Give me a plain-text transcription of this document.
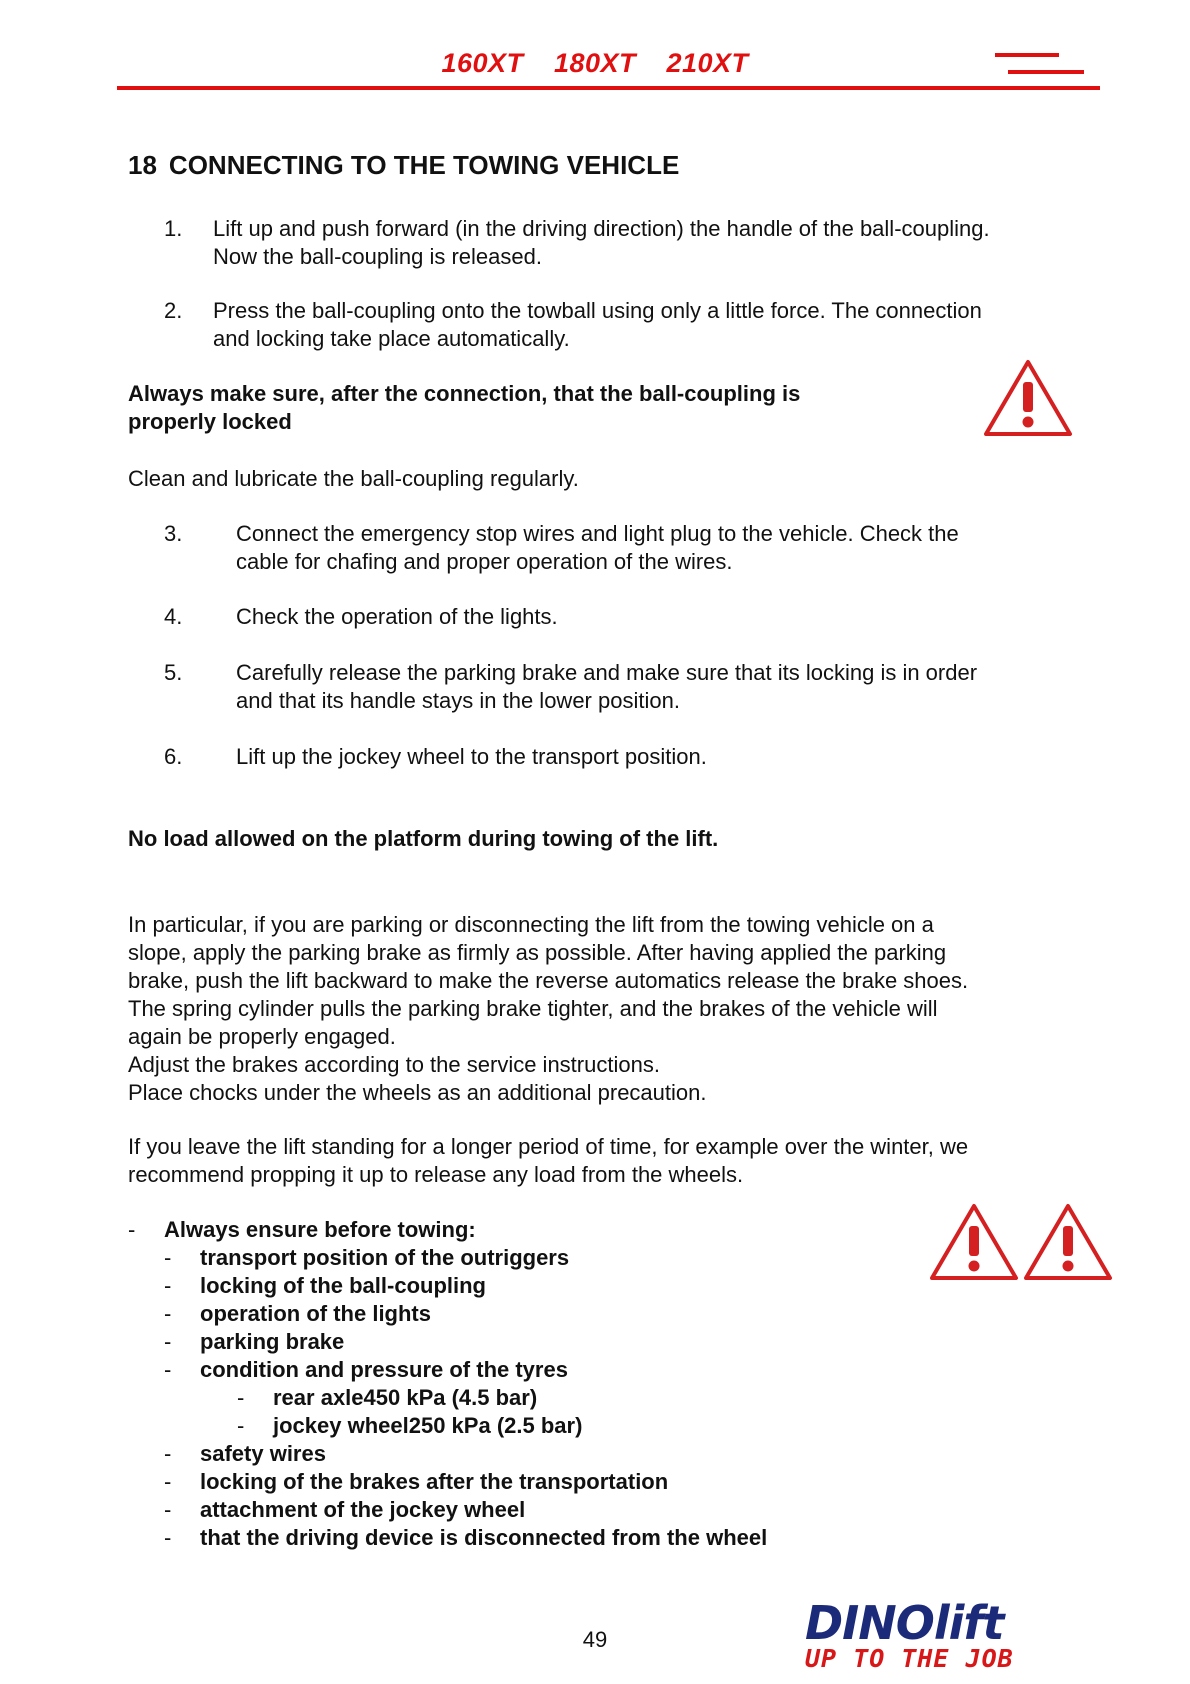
160XT 180XT 210XT
18 CONNECTING TO THE TOWING VEHICLE
1. Lift up and push forward (in the driving direction) the handle of the ball-coupling.
Now the ball-coupling is released.
2. Press the ball-coupling onto the towball using only a little force. The connection
and locking take place automatically.
Always make sure, after the connection, that the ball-coupling is
properly locked
Clean and lubricate the ball-coupling regularly.
3. Connect the emergency stop wires and light plug to the vehicle. Check the
cable for chafing and proper operation of the wires.
4. Check the operation of the lights.
5. Carefully release the parking brake and make sure that its locking is in order
and that its handle stays in the lower position.
6. Lift up the jockey wheel to the transport position.
No load allowed on the platform during towing of the lift.
In particular, if you are parking or disconnecting the lift from the towing vehicle on a
slope, apply the parking brake as firmly as possible. After having applied the parking
brake, push the lift backward to make the reverse automatics release the brake shoes.
The spring cylinder pulls the parking brake tighter, and the brakes of the vehicle will
again be properly engaged.
Adjust the brakes according to the service instructions.
Place chocks under the wheels as an additional precaution.
If you leave the lift standing for a longer period of time, for example over the winter, we
recommend propping it up to release any load from the wheels.
- Always ensure before towing:
-
-
-
-
-
transport position of the outriggers
locking of the ball-coupling
operation of the lights
parking brake
condition and pressure of the tyres
-
-
rear axle450 kPa (4.5 bar)
jockey wheel250 kPa (2.5 bar)
-
-
-
-
safety wires
locking of the brakes after the transportation
attachment of the jockey wheel
that the driving device is disconnected from the wheel
49	DINOlift
UP TO THE JOB
